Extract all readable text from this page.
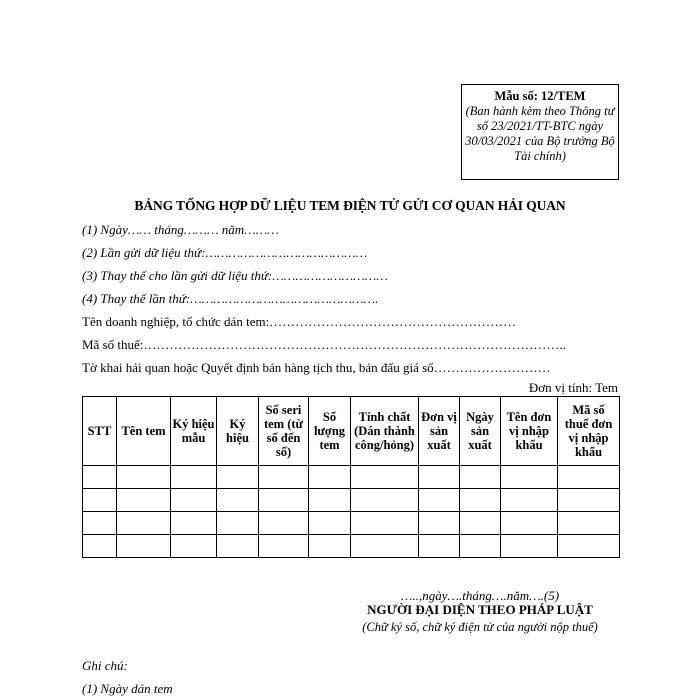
Mẫu số: 12/TEM
(Ban hành kèm theo Thông tư số 23/2021/TT-BTC ngày 30/03/2021 của Bộ trưởng Bộ Tài chính)
BẢNG TỔNG HỢP DỮ LIỆU TEM ĐIỆN TỬ GỬI CƠ QUAN HẢI QUAN
(1) Ngày…… tháng……… năm………
(2) Lần gửi dữ liệu thứ:……………………………………
(3) Thay thế cho lần gửi dữ liệu thứ:…………………………
(4) Thay thế lần thứ:………………………………………….
Tên doanh nghiệp, tổ chức dán tem:…………………………………………………
Mã số thuế:……………………………………………………………………………………..
Tờ khai hải quan hoặc Quyết định bán hàng tịch thu, bán đấu giá số………………………
Đơn vị tính: Tem
STT	Tên tem	Ký hiệu mẫu	Ký hiệu	Số seri tem (từ số đến số)	Số lượng tem	Tính chất (Dán thành công/hỏng)	Đơn vị sản xuất	Ngày sản xuất	Tên đơn vị nhập khẩu	Mã số thuế đơn vị nhập khẩu

…..,ngày….tháng….năm….(5)
NGƯỜI ĐẠI DIỆN THEO PHÁP LUẬT
(Chữ ký số, chữ ký điện tử của người nộp thuế)
Ghi chú:
(1) Ngày dán tem
